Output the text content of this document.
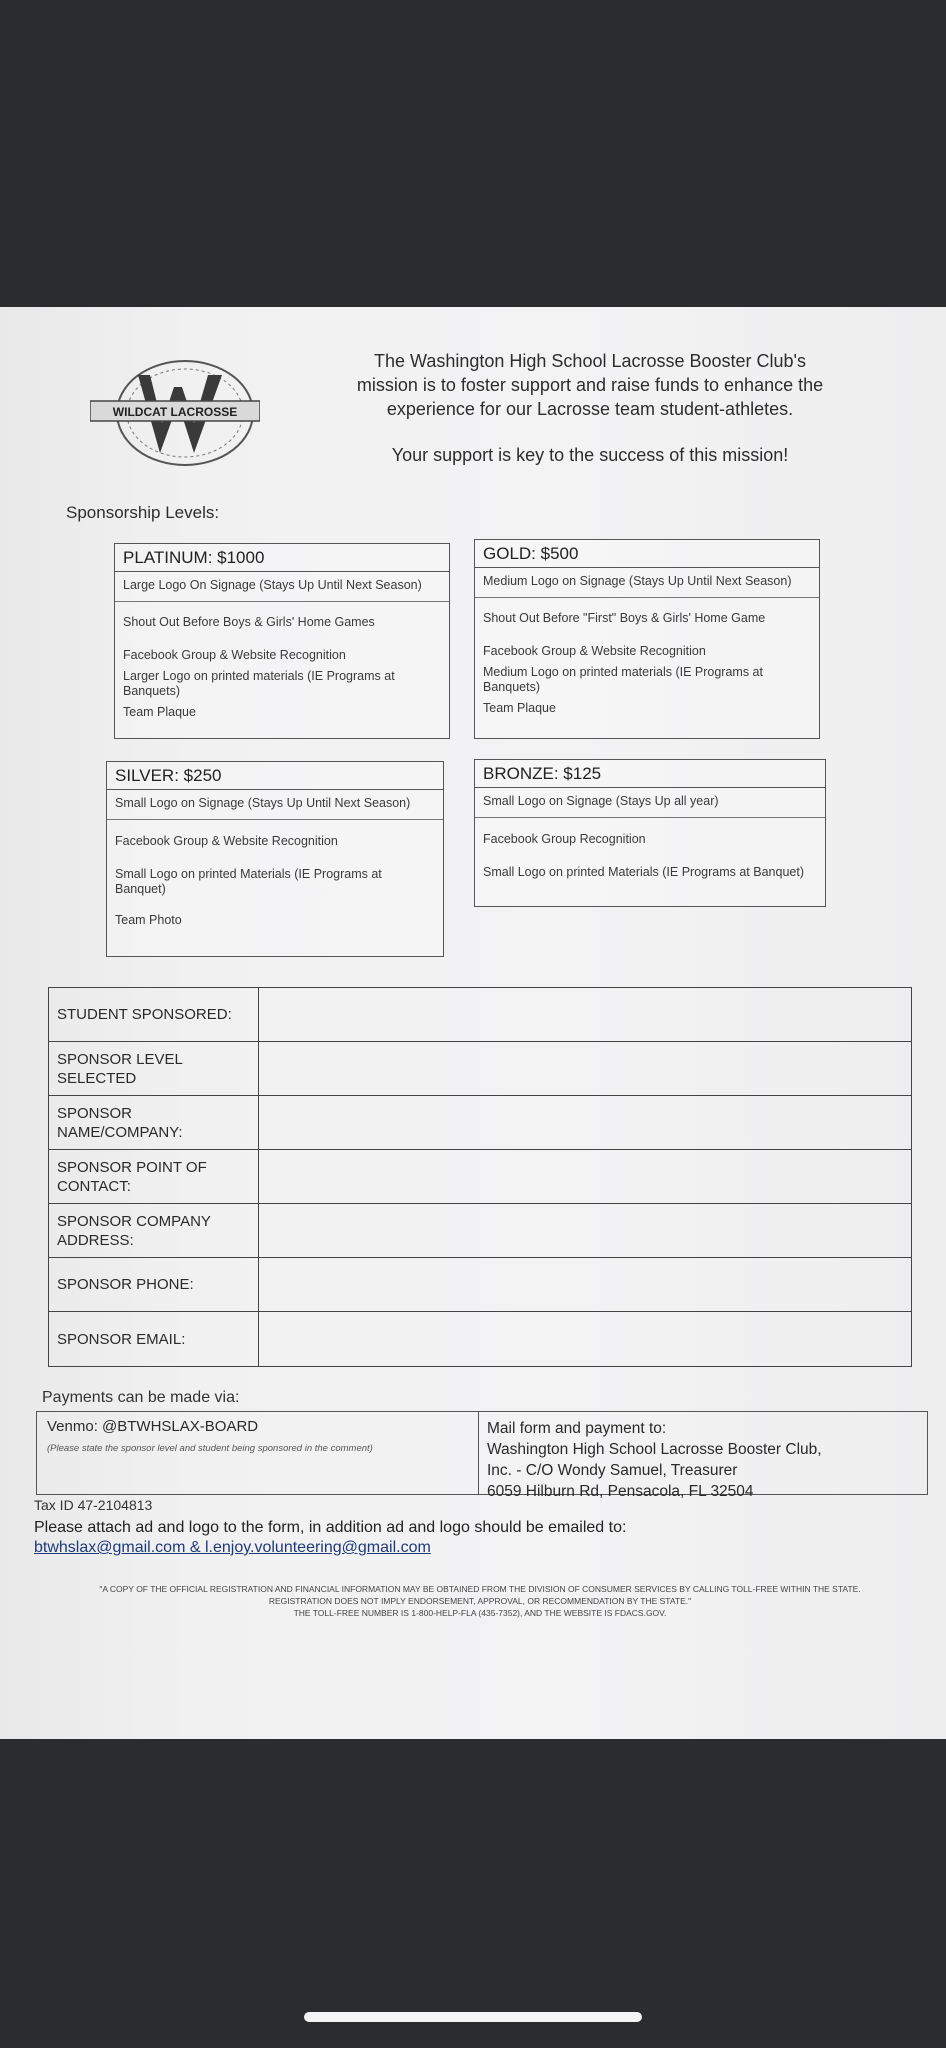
WILDCAT LACROSSE
The Washington High School Lacrosse Booster Club's
mission is to foster support and raise funds to enhance the
experience for our Lacrosse team student-athletes.
Your support is key to the success of this mission!
Sponsorship Levels:
PLATINUM: $1000
Large Logo On Signage (Stays Up Until Next Season)
Shout Out Before Boys & Girls' Home Games
Facebook Group & Website Recognition
Larger Logo on printed materials (IE Programs at Banquets)
Team Plaque
GOLD: $500
Medium Logo on Signage (Stays Up Until Next Season)
Shout Out Before "First" Boys & Girls' Home Game
Facebook Group & Website Recognition
Medium Logo on printed materials (IE Programs at Banquets)
Team Plaque
SILVER: $250
Small Logo on Signage (Stays Up Until Next Season)
Facebook Group & Website Recognition
Small Logo on printed Materials (IE Programs at Banquet)
Team Photo
BRONZE: $125
Small Logo on Signage (Stays Up all year)
Facebook Group Recognition
Small Logo on printed Materials (IE Programs at Banquet)
STUDENT SPONSORED:
SPONSOR LEVEL SELECTED
SPONSOR NAME/COMPANY:
SPONSOR POINT OF CONTACT:
SPONSOR COMPANY ADDRESS:
SPONSOR PHONE:
SPONSOR EMAIL:
Payments can be made via:
Venmo: @BTWHSLAX-BOARD
(Please state the sponsor level and student being sponsored in the comment)
Mail form and payment to:
Washington High School Lacrosse Booster Club,
Inc. - C/O Wondy Samuel, Treasurer
6059 Hilburn Rd, Pensacola, FL 32504
Tax ID 47-2104813
Please attach ad and logo to the form, in addition ad and logo should be emailed to:
btwhslax@gmail.com & l.enjoy.volunteering@gmail.com
"A COPY OF THE OFFICIAL REGISTRATION AND FINANCIAL INFORMATION MAY BE OBTAINED FROM THE DIVISION OF CONSUMER SERVICES BY CALLING TOLL-FREE WITHIN THE STATE.
REGISTRATION DOES NOT IMPLY ENDORSEMENT, APPROVAL, OR RECOMMENDATION BY THE STATE."
THE TOLL-FREE NUMBER IS 1-800-HELP-FLA (435-7352), AND THE WEBSITE IS FDACS.GOV.
